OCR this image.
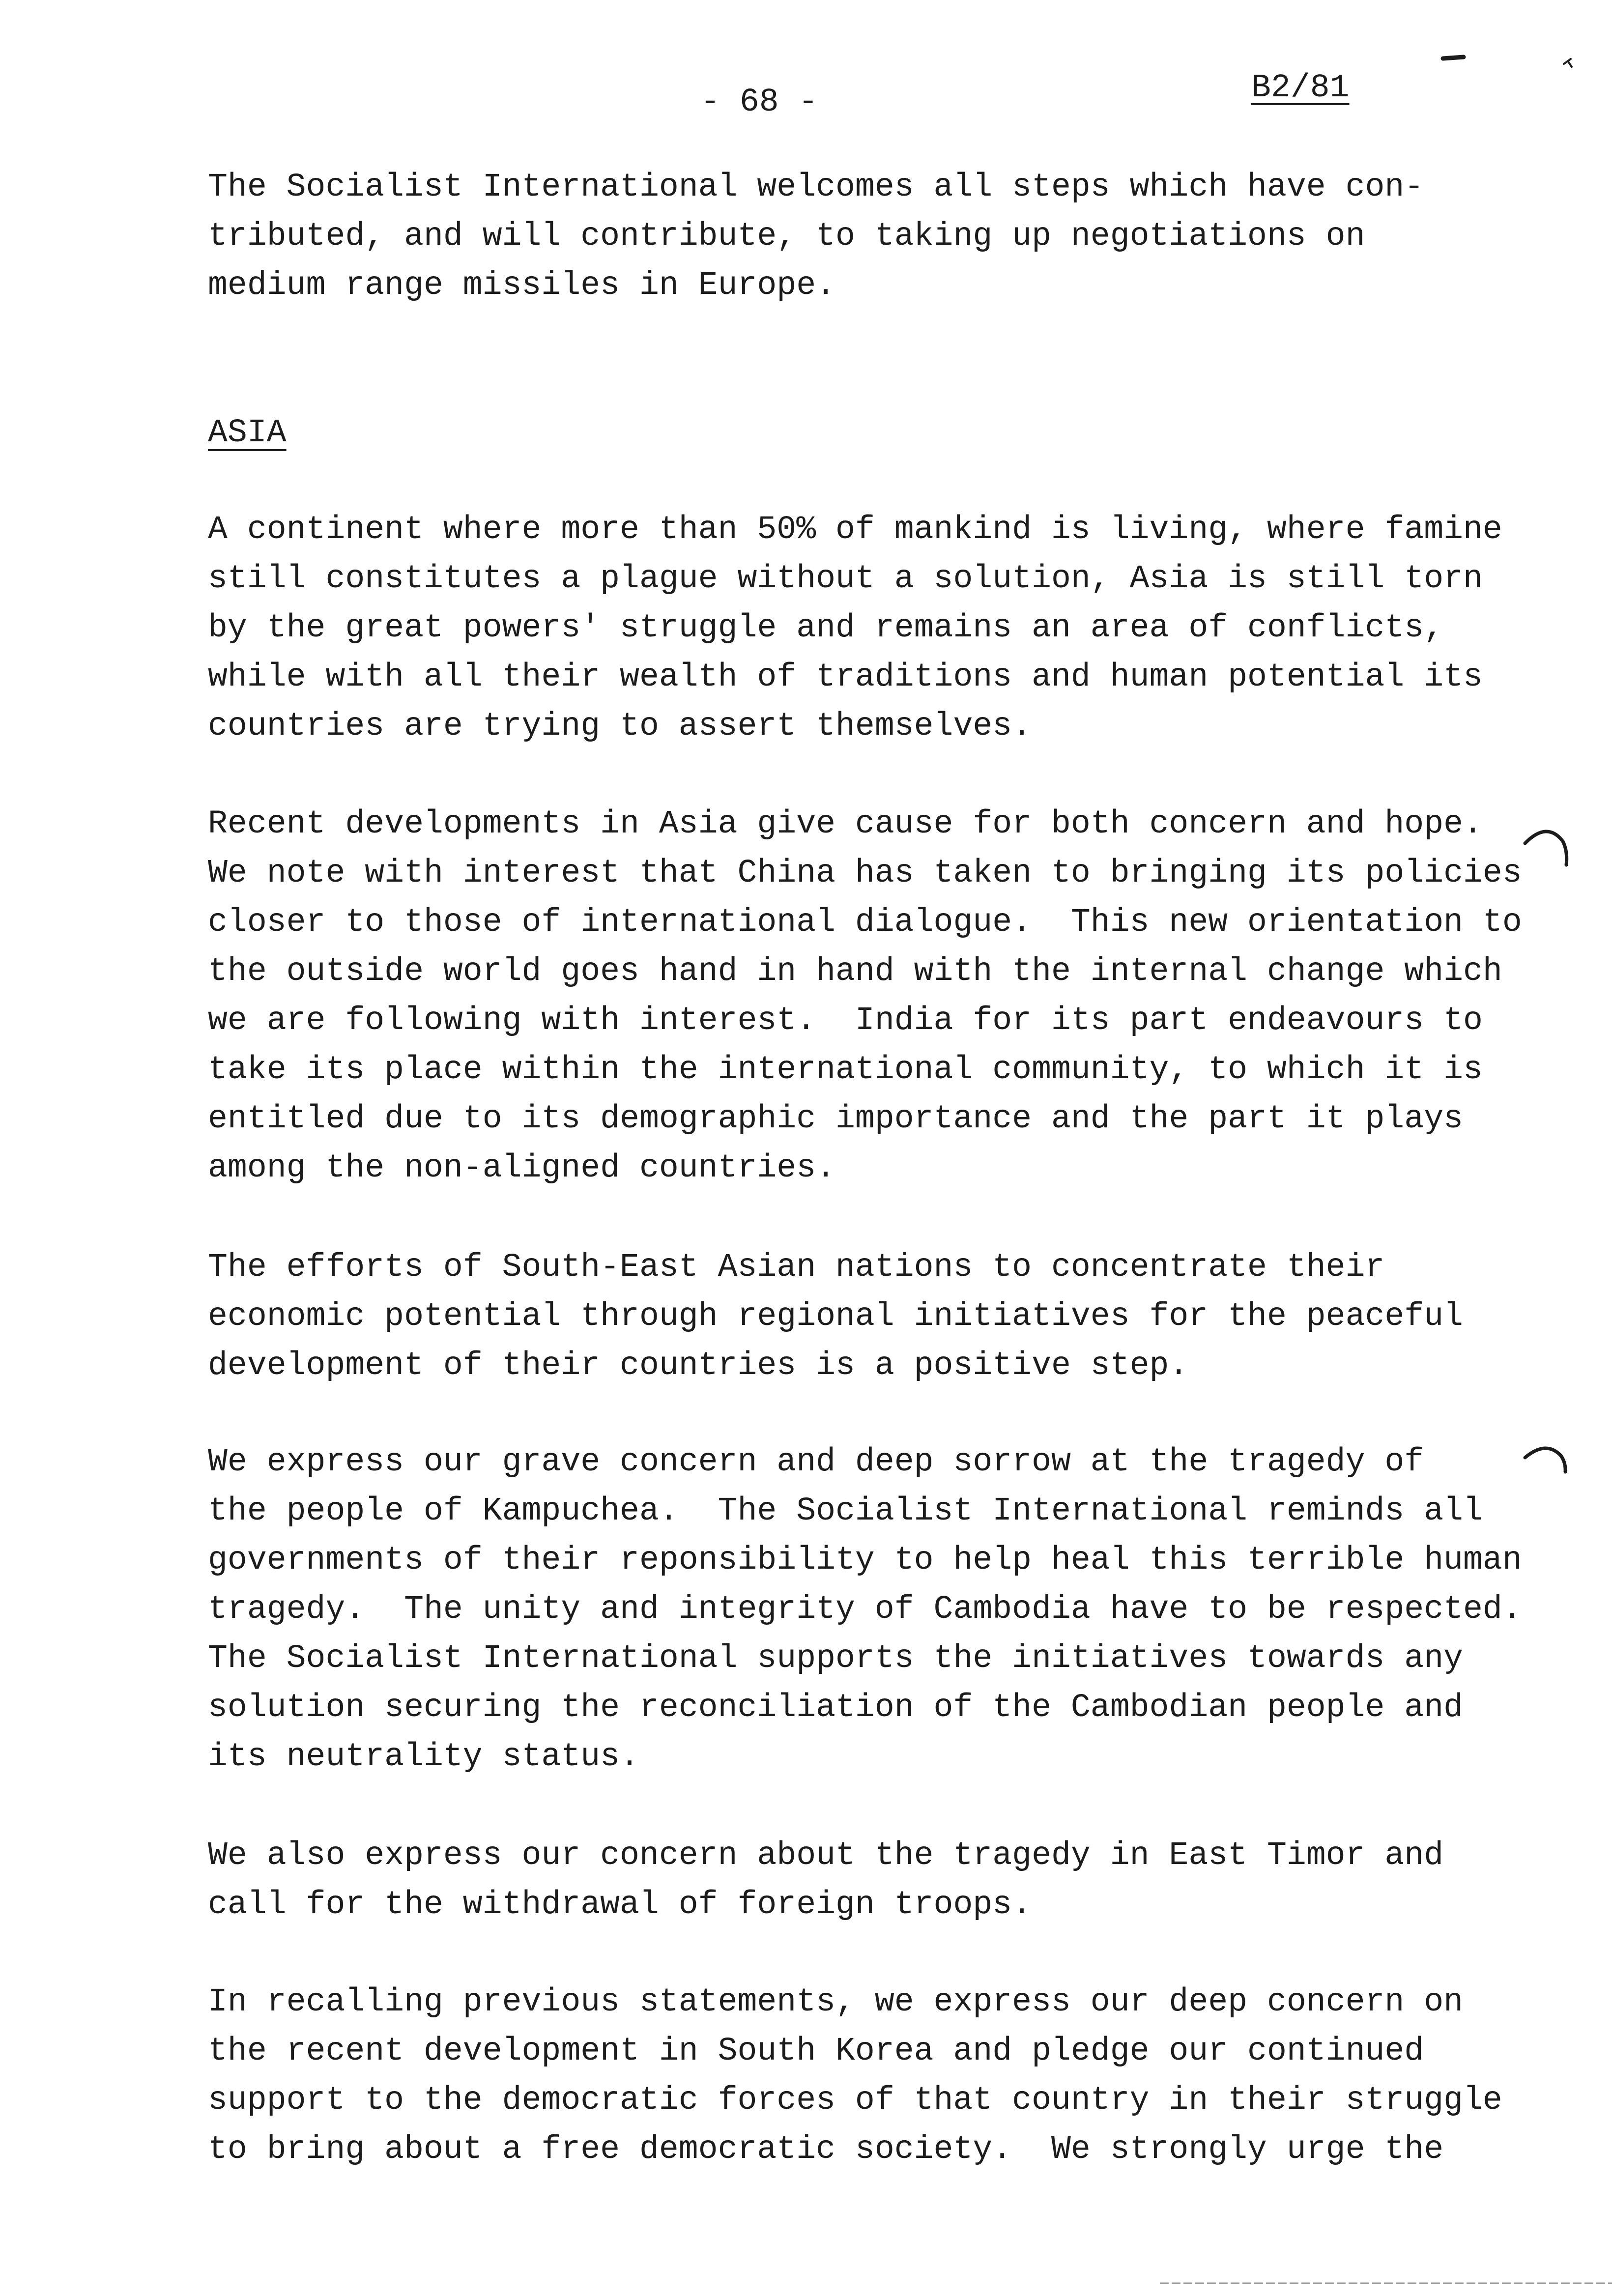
- 68 -	B2/81
The Socialist International welcomes all steps which have con-
tributed, and will contribute, to taking up negotiations on
medium range missiles in Europe.
ASIA
A continent where more than 50% of mankind is living, where famine
still constitutes a plague without a solution, Asia is still torn
by the great powers' struggle and remains an area of conflicts,
while with all their wealth of traditions and human potential its
countries are trying to assert themselves.
Recent developments in Asia give cause for both concern and hope.
We note with interest that China has taken to bringing its policies
closer to those of international dialogue.  This new orientation to
the outside world goes hand in hand with the internal change which
we are following with interest.  India for its part endeavours to
take its place within the international community, to which it is
entitled due to its demographic importance and the part it plays
among the non-aligned countries.
The efforts of South-East Asian nations to concentrate their
economic potential through regional initiatives for the peaceful
development of their countries is a positive step.
We express our grave concern and deep sorrow at the tragedy of
the people of Kampuchea.  The Socialist International reminds all
governments of their reponsibility to help heal this terrible human
tragedy.  The unity and integrity of Cambodia have to be respected.
The Socialist International supports the initiatives towards any
solution securing the reconciliation of the Cambodian people and
its neutrality status.
We also express our concern about the tragedy in East Timor and
call for the withdrawal of foreign troops.
In recalling previous statements, we express our deep concern on
the recent development in South Korea and pledge our continued
support to the democratic forces of that country in their struggle
to bring about a free democratic society.  We strongly urge the
